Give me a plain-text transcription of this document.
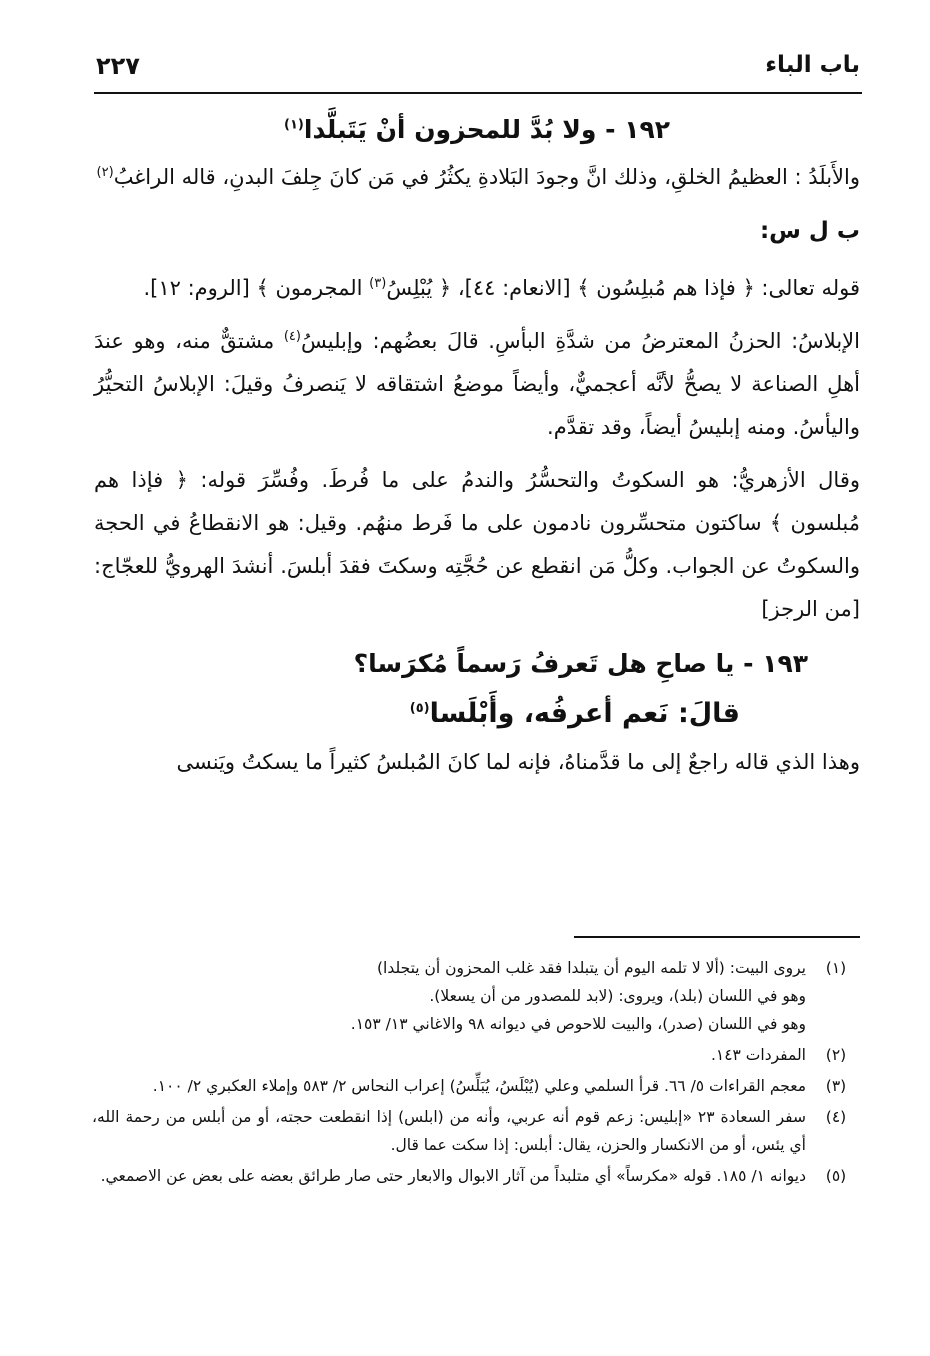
باب الباء
٢٢٧
١٩٢ - ولا بُدَّ للمحزون أنْ يَتَبلَّدا$^{(١)}$

والأَبلَدُ : العظيمُ الخلقِ، وذلك انَّ وجودَ البَلادةِ يكثُرُ في مَن كانَ جِلفَ البدنِ، قاله الراغبُ$^{(٢)}$

ب ل س:

قوله تعالى: ﴿ فإذا هم مُبلِسُون ﴾ [الانعام: ٤٤]، ﴿ يُبْلِسُ$^{(٣)}$ المجرمون ﴾ [الروم: ١٢].

الإبلاسُ: الحزنُ المعترضُ من شدَّةِ البأسِ. قالَ بعضُهم: وإبليسُ$^{(٤)}$ مشتقٌّ منه، وهو عندَ أهلِ الصناعة لا يصحُّ لأنَّه أعجميٌّ، وأيضاً موضعُ اشتقاقه لا يَنصرفُ وقيلَ: الإبلاسُ التحيُّرُ واليأسُ. ومنه إبليسُ أيضاً، وقد تقدَّم.

وقال الأزهريُّ: هو السكوتُ والتحسُّرُ والندمُ على ما فُرطَ. وفُسِّرَ قوله: ﴿ فإذا هم مُبلسون ﴾ ساكتون متحسِّرون نادمون على ما فَرط منهُم. وقيل: هو الانقطاعُ في الحجة والسكوتُ عن الجواب. وكلُّ مَن انقطع عن حُجَّتِه وسكتَ فقدَ أبلسَ. أنشدَ الهرويُّ للعجّاج: [من الرجز]

١٩٣ - يا صاحِ هل تَعرفُ رَسماً مُكرَسا؟
قالَ: نَعم أعرفُه، وأَبْلَسا$^{(٥)}$

وهذا الذي قاله راجعٌ إلى ما قدَّمناهُ، فإنه لما كانَ المُبلسُ كثيراً ما يسكتُ ويَنسى

(١)
يروى البيت: (ألا لا تلمه اليوم أن يتبلدا فقد غلب المحزون أن يتجلدا)
وهو في اللسان (بلد)، ويروى: (لابد للمصدور من أن يسعلا).
وهو في اللسان (صدر)، والبيت للاحوص في ديوانه ٩٨ والاغاني ١٣/ ١٥٣.
(٢)
المفردات ١٤٣.
(٣)
معجم القراءات ٥/ ٦٦. قرأ السلمي وعلي (يُبْلَسُ، يُبَلِّسُ) إعراب النحاس ٢/ ٥٨٣ وإملاء العكبري ٢/ ١٠٠.
(٤)
سفر السعادة ٢٣ «إبليس: زعم قوم أنه عربي، وأنه من (ابلس) إذا انقطعت حجته، أو من أبلس من رحمة الله، أي يئس، أو من الانكسار والحزن، يقال: أبلس: إذا سكت عما قال.
(٥)
ديوانه ١/ ١٨٥. قوله «مكرساً» أي متلبداً من آثار الابوال والابعار حتى صار طرائق بعضه على بعض عن الاصمعي.
